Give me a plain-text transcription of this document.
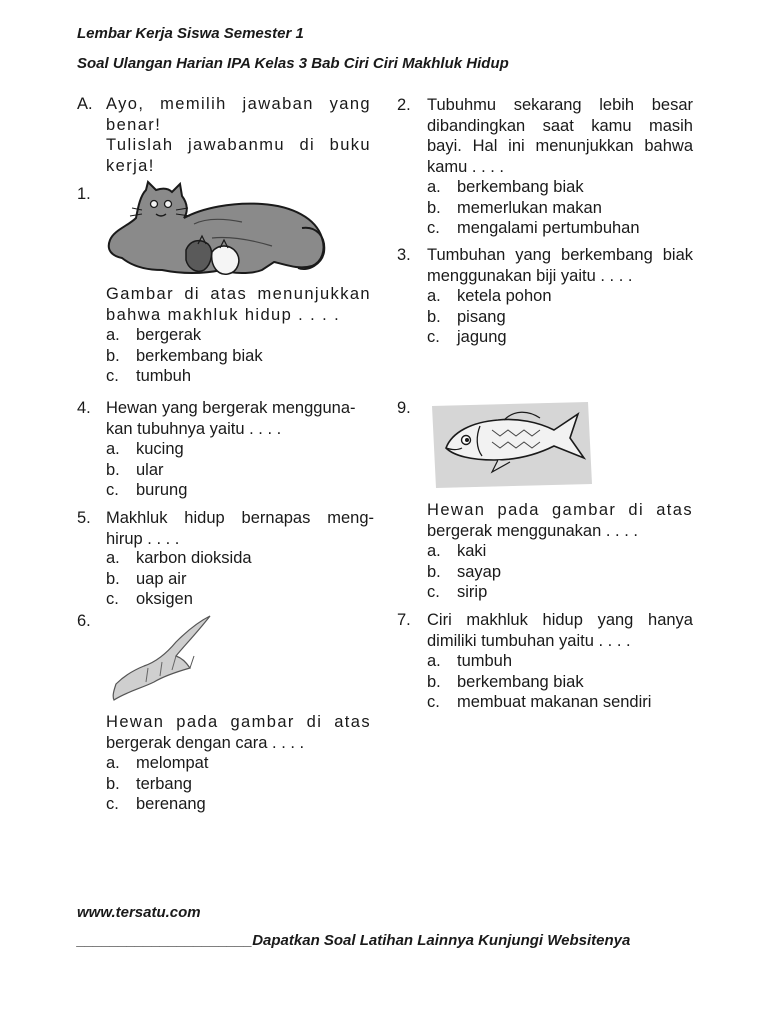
Lembar Kerja Siswa Semester 1
Soal Ulangan Harian IPA Kelas 3 Bab Ciri Ciri Makhluk Hidup
A. Ayo, memilih jawaban yang
benar!
Tulislah jawabanmu di buku
kerja!
1.
Gambar di atas menunjukkan
bahwa makhluk hidup . . . .
a. bergerak
b. berkembang biak
c. tumbuh
4. Hewan yang bergerak mengguna-
kan tubuhnya yaitu . . . .
a. kucing
b. ular
c. burung
5. Makhluk hidup bernapas meng-
hirup . . . .
a. karbon dioksida
b. uap air
c. oksigen
6.
Hewan pada gambar di atas
bergerak dengan cara . . . .
a. melompat
b. terbang
c. berenang
2. Tubuhmu sekarang lebih besar
dibandingkan saat kamu masih
bayi. Hal ini menunjukkan bahwa
kamu . . . .
a. berkembang biak
b. memerlukan makan
c. mengalami pertumbuhan
3. Tumbuhan yang berkembang biak
menggunakan biji yaitu . . . .
a. ketela pohon
b. pisang
c. jagung
9.
Hewan pada gambar di atas
bergerak menggunakan . . . .
a. kaki
b. sayap
c. sirip
7. Ciri makhluk hidup yang hanya
dimiliki tumbuhan yaitu . . . .
a. tumbuh
b. berkembang biak
c. membuat makanan sendiri
www.tersatu.com
_____________________Dapatkan Soal Latihan Lainnya Kunjungi Websitenya
